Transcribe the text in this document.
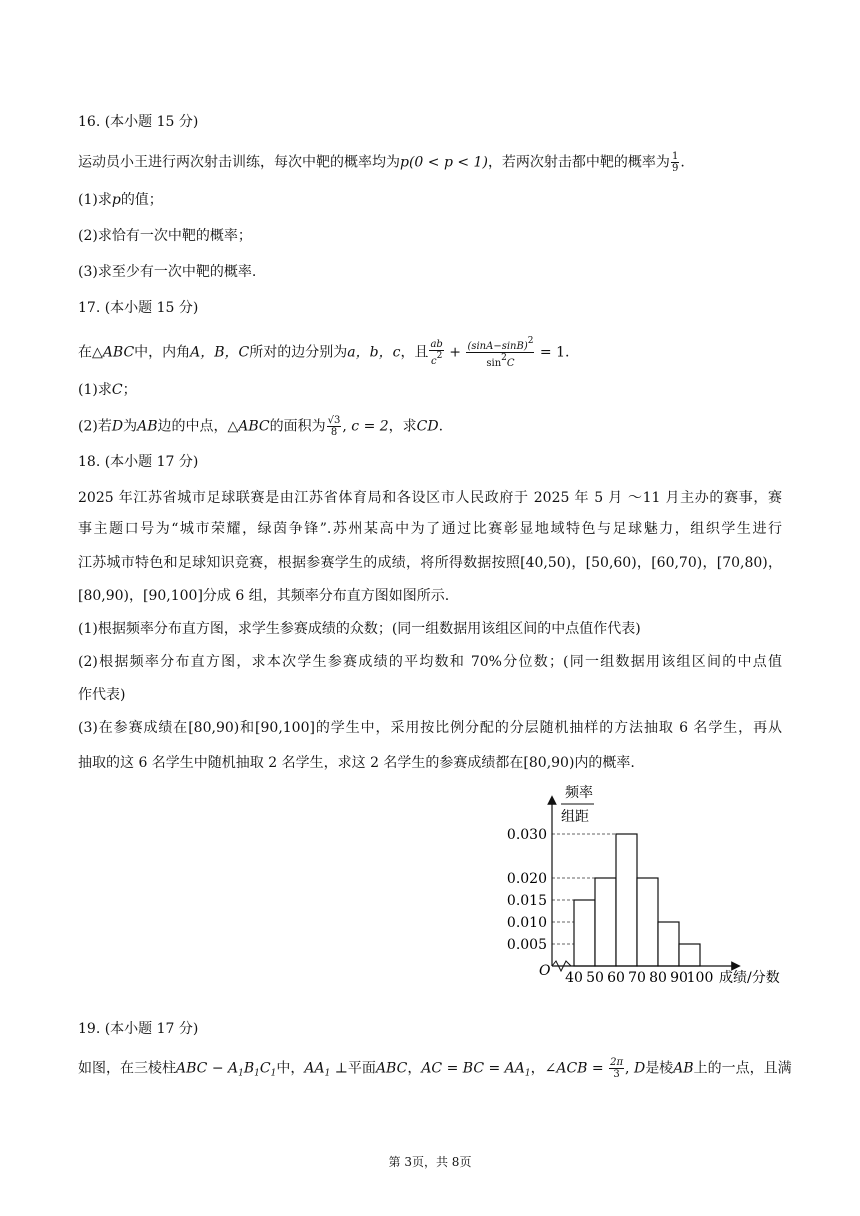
16. (本小题 15 分)
运动员小王进行两次射击训练，每次中靶的概率均为p(0 < p < 1)，若两次射击都中靶的概率为 $\frac{1}{9}$ .
(1)求p的值；
(2)求恰有一次中靶的概率；
(3)求至少有一次中靶的概率.
17. (本小题 15 分)
在△ABC中，内角A，B，C所对的边分别为a，b，c，且 $\frac{ab}{c2} + \frac{(\sin A-\sin B)2}{\sin 2C} = 1$.
(1)求C；
(2)若D为AB边的中点，△ABC的面积为 $\frac{√3}{8}$ , c = 2，求CD.
18. (本小题 17 分)
2025 年江苏省城市足球联赛是由江苏省体育局和各设区市人民政府于 2025 年 5 月 ～11 月主办的赛事，赛
事主题口号为“城市荣耀，绿茵争锋”.苏州某高中为了通过比赛彰显地域特色与足球魅力，组织学生进行
江苏城市特色和足球知识竞赛，根据参赛学生的成绩，将所得数据按照[40,50)，[50,60)，[60,70)，[70,80)，
[80,90)，[90,100]分成 6 组，其频率分布直方图如图所示.
(1)根据频率分布直方图，求学生参赛成绩的众数；(同一组数据用该组区间的中点值作代表)
(2)根据频率分布直方图，求本次学生参赛成绩的平均数和 70%分位数；(同一组数据用该组区间的中点值
作代表)
(3)在参赛成绩在[80,90)和[90,100]的学生中，采用按比例分配的分层随机抽样的方法抽取 6 名学生，再从
抽取的这 6 名学生中随机抽取 2 名学生，求这 2 名学生的参赛成绩都在[80,90)内的概率.
频率
组距
O
0.030
0.020
0.015
0.010
0.005
40 50 60 70 80 90
100 成绩/分数
19. (本小题 17 分)
如图，在三棱柱ABC − $A_1B_1C_1$中，$AA_1$ ⊥平面ABC，AC = BC = $AA_1$，∠ACB = $\frac{2\pi}{3}$ , D是棱AB上的一点，且满
第 3页，共 8页
